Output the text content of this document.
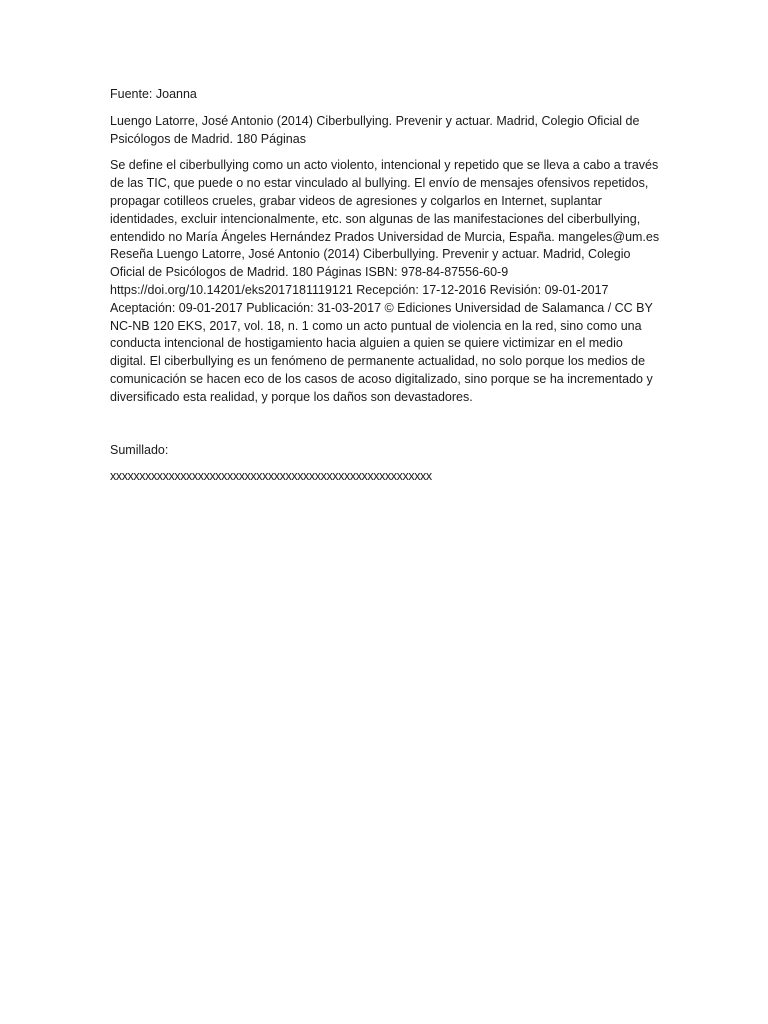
Fuente: Joanna

Luengo Latorre, José Antonio (2014) Ciberbullying. Prevenir y actuar. Madrid, Colegio Oficial de Psicólogos de Madrid. 180 Páginas

Se define el ciberbullying como un acto violento, intencional y repetido que se lleva a cabo a través de las TIC, que puede o no estar vinculado al bullying. El envío de mensajes ofensivos repetidos, propagar cotilleos crueles, grabar videos de agresiones y colgarlos en Internet, suplantar identidades, excluir intencionalmente, etc. son algunas de las manifestaciones del ciberbullying, entendido no María Ángeles Hernández Prados Universidad de Murcia, España. mangeles@um.es Reseña Luengo Latorre, José Antonio (2014) Ciberbullying. Prevenir y actuar. Madrid, Colegio Oficial de Psicólogos de Madrid. 180 Páginas ISBN: 978-84-87556-60-9 https://doi.org/10.14201/eks2017181119121 Recepción: 17-12-2016 Revisión: 09-01-2017 Aceptación: 09-01-2017 Publicación: 31-03-2017 © Ediciones Universidad de Salamanca / CC BY NC-NB 120 EKS, 2017, vol. 18, n. 1 como un acto puntual de violencia en la red, sino como una conducta intencional de hostigamiento hacia alguien a quien se quiere victimizar en el medio digital. El ciberbullying es un fenómeno de permanente actualidad, no solo porque los medios de comunicación se hacen eco de los casos de acoso digitalizado, sino porque se ha incrementado y diversificado esta realidad, y porque los daños son devastadores.

Sumillado:

xxxxxxxxxxxxxxxxxxxxxxxxxxxxxxxxxxxxxxxxxxxxxxxxxxxxxxx
